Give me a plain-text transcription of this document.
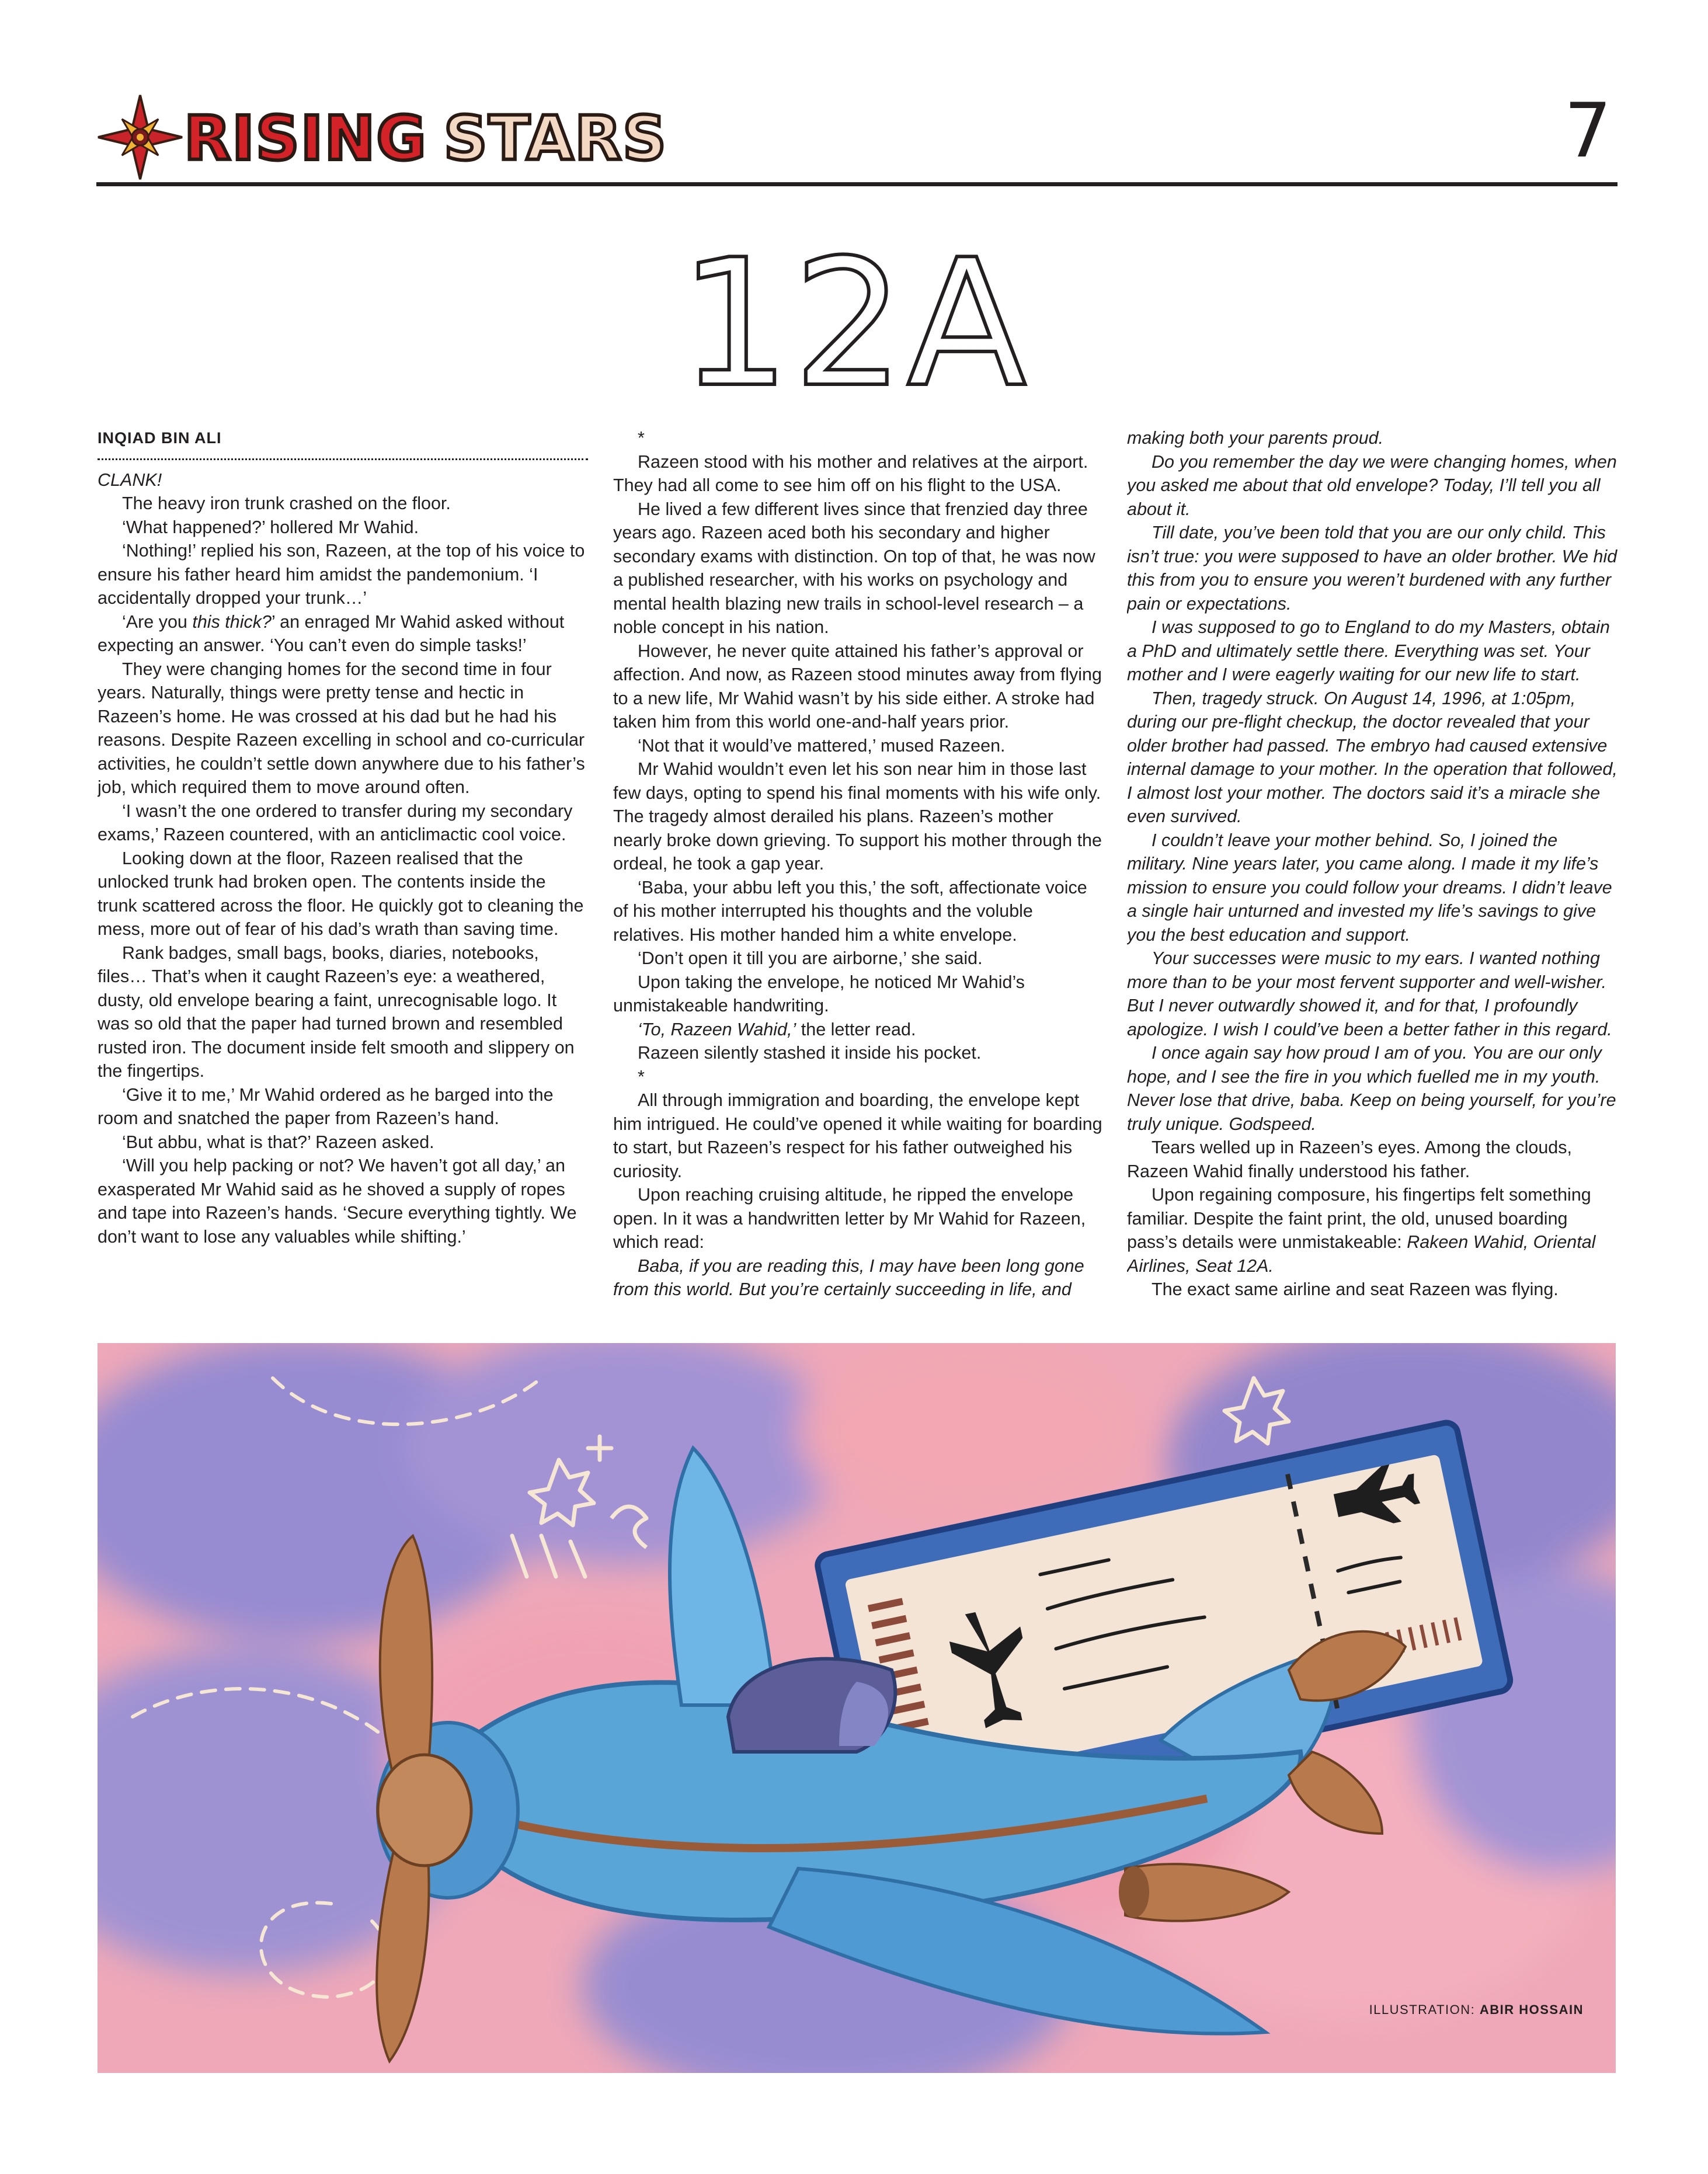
RISING STARS	7
12A
INQIAD BIN ALI

CLANK!

The heavy iron trunk crashed on the floor.

‘What happened?’ hollered Mr Wahid.

‘Nothing!’ replied his son, Razeen, at the top of his voice to ensure his father heard him amidst the pandemonium. ‘I accidentally dropped your trunk…’

‘Are you this thick?’ an enraged Mr Wahid asked without expecting an answer. ‘You can’t even do simple tasks!’

They were changing homes for the second time in four years. Naturally, things were pretty tense and hectic in Razeen’s home. He was crossed at his dad but he had his reasons. Despite Razeen excelling in school and co-curricular activities, he couldn’t settle down anywhere due to his father’s job, which required them to move around often.

‘I wasn’t the one ordered to transfer during my secondary exams,’ Razeen countered, with an anticlimactic cool voice.

Looking down at the floor, Razeen realised that the unlocked trunk had broken open. The contents inside the trunk scattered across the floor. He quickly got to cleaning the mess, more out of fear of his dad’s wrath than saving time.

Rank badges, small bags, books, diaries, notebooks, files… That’s when it caught Razeen’s eye: a weathered, dusty, old envelope bearing a faint, unrecognisable logo. It was so old that the paper had turned brown and resembled rusted iron. The document inside felt smooth and slippery on the fingertips.

‘Give it to me,’ Mr Wahid ordered as he barged into the room and snatched the paper from Razeen’s hand.

‘But abbu, what is that?’ Razeen asked.

‘Will you help packing or not? We haven’t got all day,’ an exasperated Mr Wahid said as he shoved a supply of ropes and tape into Razeen’s hands. ‘Secure everything tightly. We don’t want to lose any valuables while shifting.’

*

Razeen stood with his mother and relatives at the airport. They had all come to see him off on his flight to the USA.

He lived a few different lives since that frenzied day three years ago. Razeen aced both his secondary and higher secondary exams with distinction. On top of that, he was now a published researcher, with his works on psychology and mental health blazing new trails in school-level research – a noble concept in his nation.

However, he never quite attained his father’s approval or affection. And now, as Razeen stood minutes away from flying to a new life, Mr Wahid wasn’t by his side either. A stroke had taken him from this world one-and-half years prior.

‘Not that it would’ve mattered,’ mused Razeen.

Mr Wahid wouldn’t even let his son near him in those last few days, opting to spend his final moments with his wife only. The tragedy almost derailed his plans. Razeen’s mother nearly broke down grieving. To support his mother through the ordeal, he took a gap year.

‘Baba, your abbu left you this,’ the soft, affectionate voice of his mother interrupted his thoughts and the voluble relatives. His mother handed him a white envelope.

‘Don’t open it till you are airborne,’ she said.

Upon taking the envelope, he noticed Mr Wahid’s unmistakeable handwriting.

‘To, Razeen Wahid,’ the letter read.

Razeen silently stashed it inside his pocket.

*

All through immigration and boarding, the envelope kept him intrigued. He could’ve opened it while waiting for boarding to start, but Razeen’s respect for his father outweighed his curiosity.

Upon reaching cruising altitude, he ripped the envelope open. In it was a handwritten letter by Mr Wahid for Razeen, which read:

Baba, if you are reading this, I may have been long gone from this world. But you’re certainly succeeding in life, and

making both your parents proud.

Do you remember the day we were changing homes, when you asked me about that old envelope? Today, I’ll tell you all about it.

Till date, you’ve been told that you are our only child. This isn’t true: you were supposed to have an older brother. We hid this from you to ensure you weren’t burdened with any further pain or expectations.

I was supposed to go to England to do my Masters, obtain a PhD and ultimately settle there. Everything was set. Your mother and I were eagerly waiting for our new life to start.

Then, tragedy struck. On August 14, 1996, at 1:05pm, during our pre-flight checkup, the doctor revealed that your older brother had passed. The embryo had caused extensive internal damage to your mother. In the operation that followed, I almost lost your mother. The doctors said it’s a miracle she even survived.

I couldn’t leave your mother behind. So, I joined the military. Nine years later, you came along. I made it my life’s mission to ensure you could follow your dreams. I didn’t leave a single hair unturned and invested my life’s savings to give you the best education and support.

Your successes were music to my ears. I wanted nothing more than to be your most fervent supporter and well-wisher. But I never outwardly showed it, and for that, I profoundly apologize. I wish I could’ve been a better father in this regard.

I once again say how proud I am of you. You are our only hope, and I see the fire in you which fuelled me in my youth. Never lose that drive, baba. Keep on being yourself, for you’re truly unique. Godspeed.

Tears welled up in Razeen’s eyes. Among the clouds, Razeen Wahid finally understood his father.

Upon regaining composure, his fingertips felt something familiar. Despite the faint print, the old, unused boarding pass’s details were unmistakeable: Rakeen Wahid, Oriental Airlines, Seat 12A.

The exact same airline and seat Razeen was flying.

ILLUSTRATION: ABIR HOSSAIN
